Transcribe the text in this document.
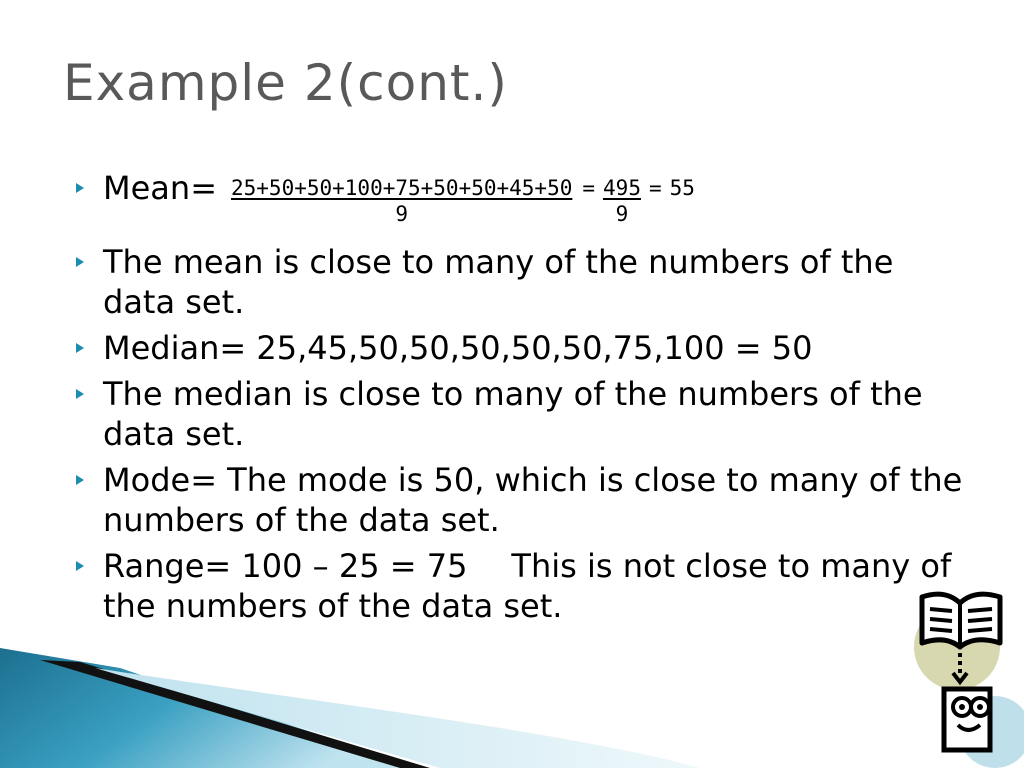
Example 2(cont.)
Mean= $\frac{25+50+50+100+75+50+50+45+50}{9} = \frac{495}{9} = 55$
The mean is close to many of the numbers of the data set.
Median= 25,45,50,50,50,50,50,75,100 = 50
The median is close to many of the numbers of the data set.
Mode= The mode is 50, which is close to many of the numbers of the data set.
Range= 100 – 25 = 75 This is not close to many of the numbers of the data set.
